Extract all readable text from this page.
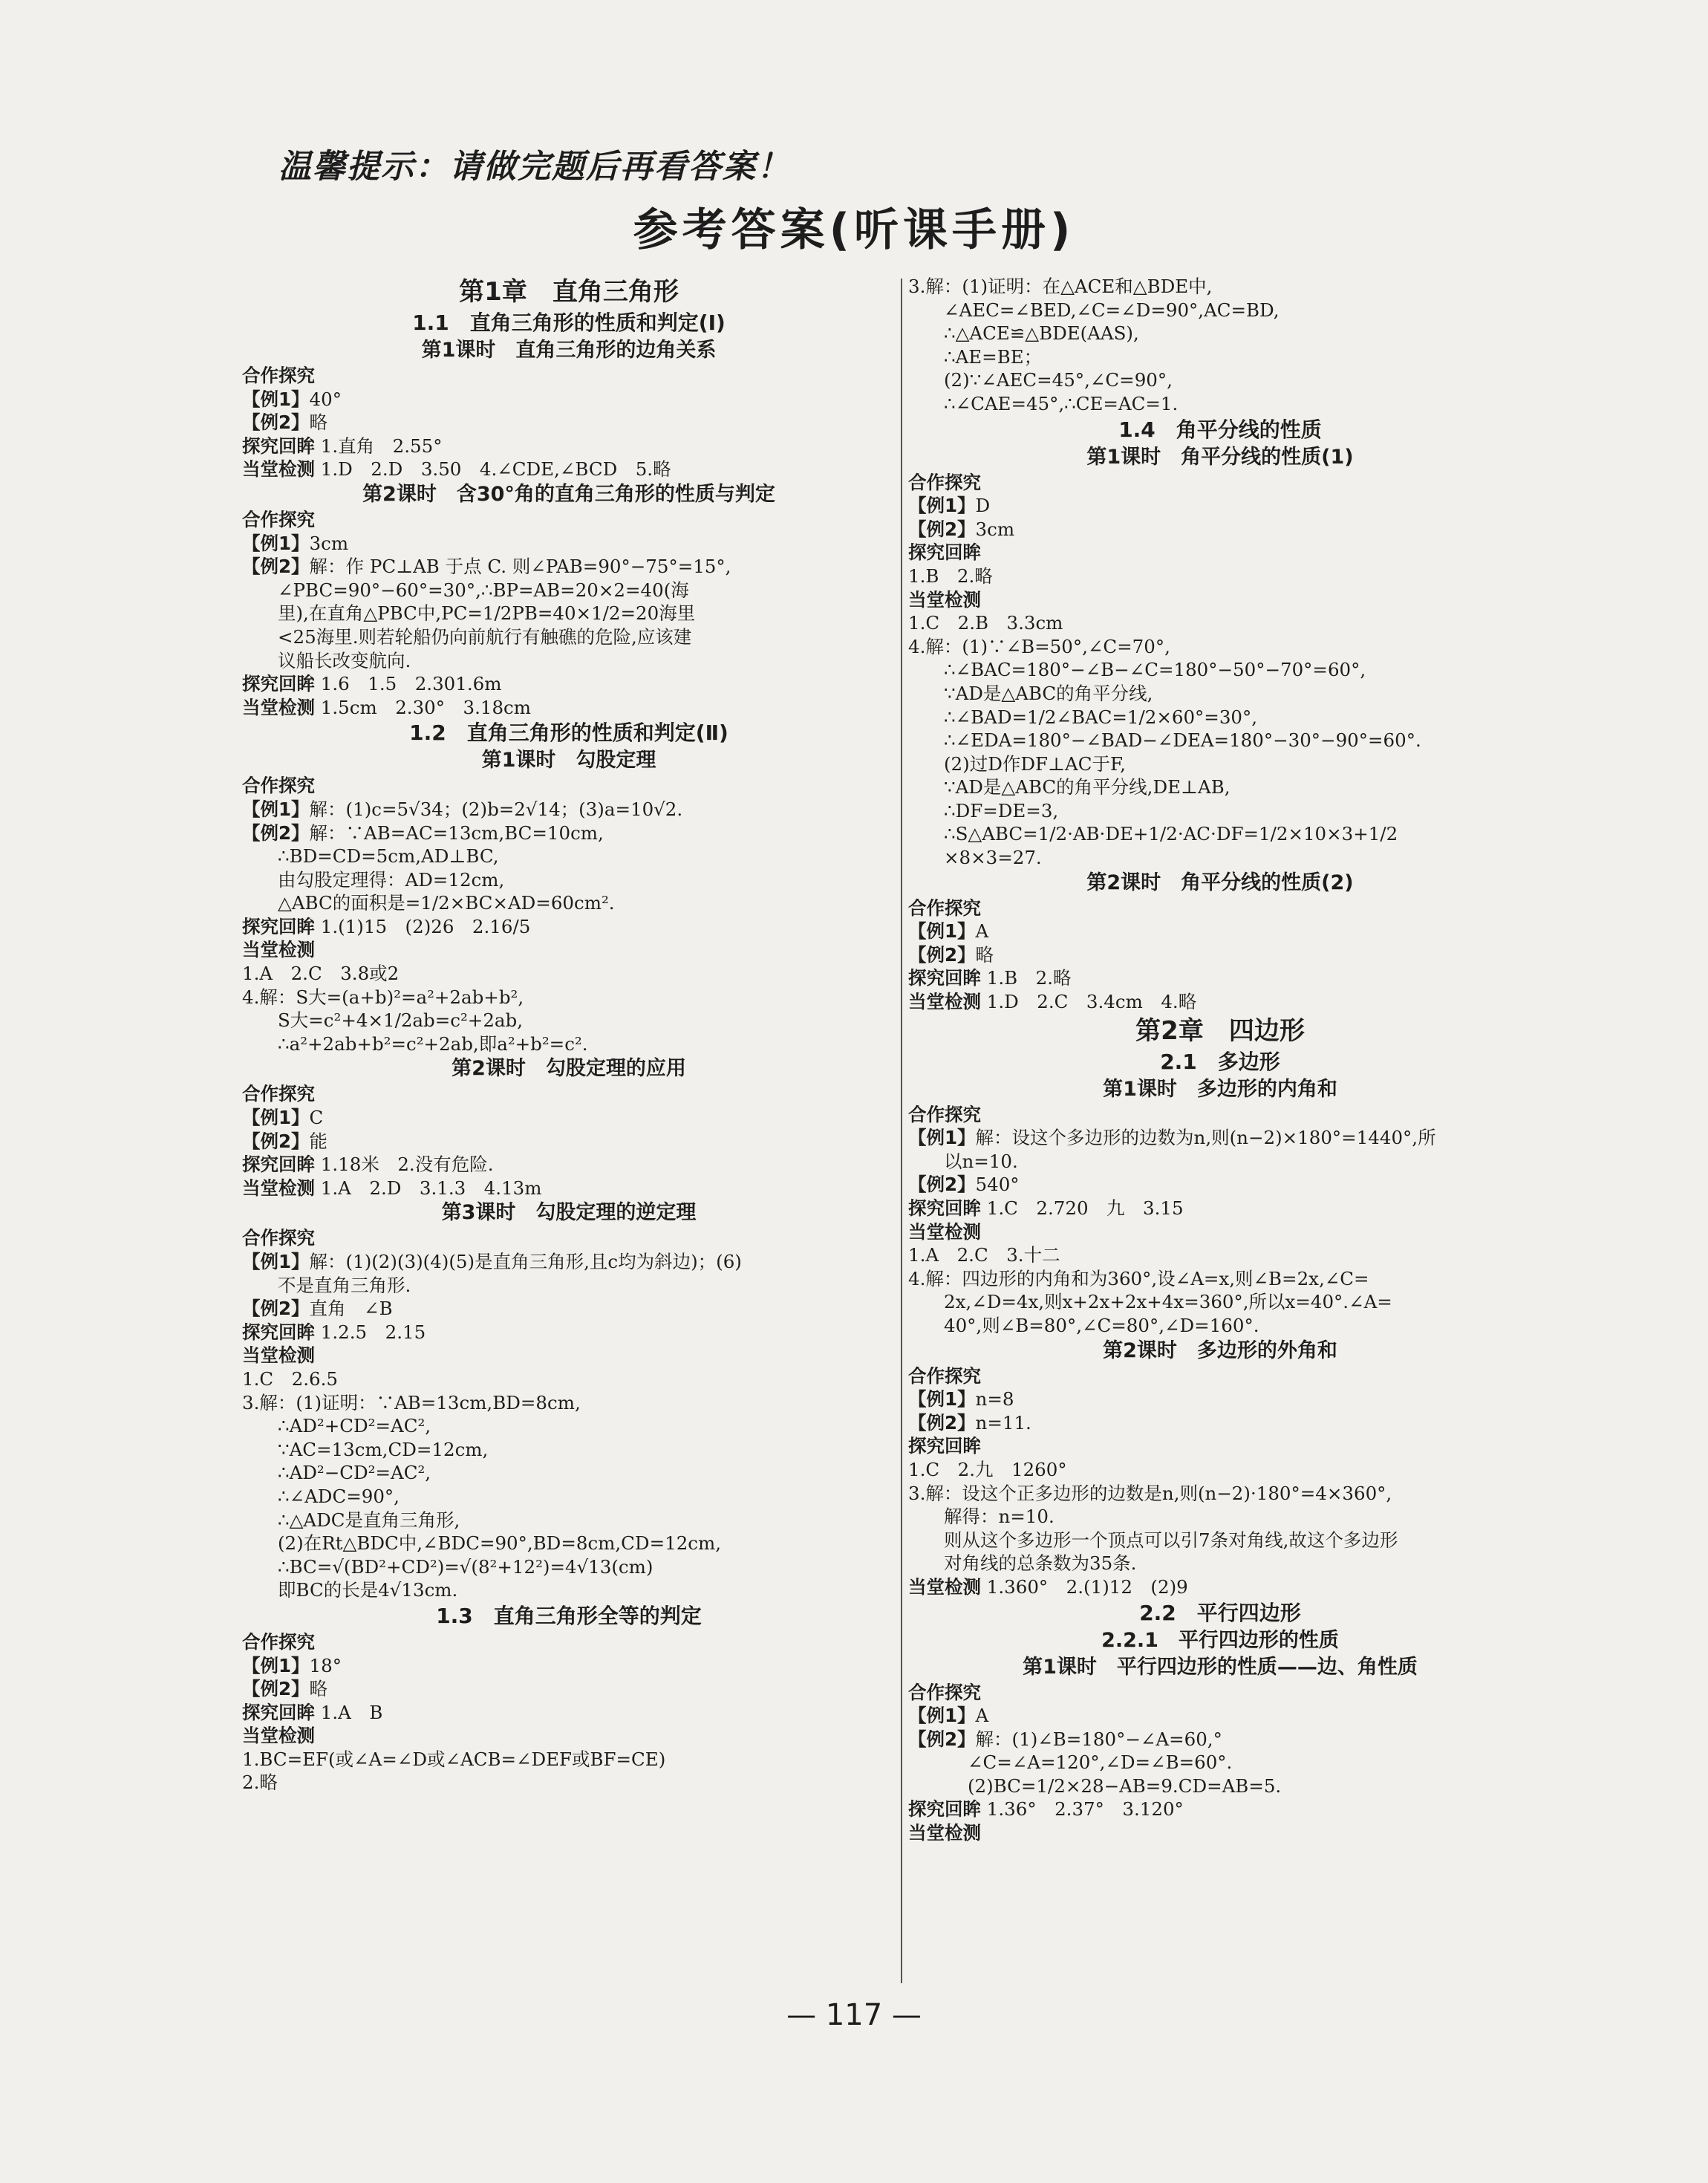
温馨提示：请做完题后再看答案！

参考答案(听课手册)
第1章　直角三角形
1.1　直角三角形的性质和判定(Ⅰ)
第1课时　直角三角形的边角关系
合作探究
【例1】40°
【例2】略
探究回眸 1.直角　2.55°
当堂检测 1.D　2.D　3.50　4.∠CDE,∠BCD　5.略
第2课时　含30°角的直角三角形的性质与判定
合作探究
【例1】3cm
【例2】解：作 PC⊥AB 于点 C. 则∠PAB=90°−75°=15°,
∠PBC=90°−60°=30°,∴BP=AB=20×2=40(海
里),在直角△PBC中,PC=1/2PB=40×1/2=20海里
<25海里.则若轮船仍向前航行有触礁的危险,应该建
议船长改变航向.
探究回眸 1.6　1.5　2.301.6m
当堂检测 1.5cm　2.30°　3.18cm
1.2　直角三角形的性质和判定(Ⅱ)
第1课时　勾股定理
合作探究
【例1】解：(1)c=5√34；(2)b=2√14；(3)a=10√2.
【例2】解：∵AB=AC=13cm,BC=10cm,
∴BD=CD=5cm,AD⊥BC,
由勾股定理得：AD=12cm,
△ABC的面积是=1/2×BC×AD=60cm².
探究回眸 1.(1)15　(2)26　2.16/5
当堂检测
1.A　2.C　3.8或2
4.解：S大=(a+b)²=a²+2ab+b²,
S大=c²+4×1/2ab=c²+2ab,
∴a²+2ab+b²=c²+2ab,即a²+b²=c².
第2课时　勾股定理的应用
合作探究
【例1】C
【例2】能
探究回眸 1.18米　2.没有危险.
当堂检测 1.A　2.D　3.1.3　4.13m
第3课时　勾股定理的逆定理
合作探究
【例1】解：(1)(2)(3)(4)(5)是直角三角形,且c均为斜边)；(6)
不是直角三角形.
【例2】直角　∠B
探究回眸 1.2.5　2.15
当堂检测
1.C　2.6.5
3.解：(1)证明：∵AB=13cm,BD=8cm,
∴AD²+CD²=AC²,
∵AC=13cm,CD=12cm,
∴AD²−CD²=AC²,
∴∠ADC=90°,
∴△ADC是直角三角形,
(2)在Rt△BDC中,∠BDC=90°,BD=8cm,CD=12cm,
∴BC=√(BD²+CD²)=√(8²+12²)=4√13(cm)
即BC的长是4√13cm.
1.3　直角三角形全等的判定
合作探究
【例1】18°
【例2】略
探究回眸 1.A　B
当堂检测
1.BC=EF(或∠A=∠D或∠ACB=∠DEF或BF=CE)
2.略
3.解：(1)证明：在△ACE和△BDE中,
∠AEC=∠BED,∠C=∠D=90°,AC=BD,
∴△ACE≌△BDE(AAS),
∴AE=BE；
(2)∵∠AEC=45°,∠C=90°,
∴∠CAE=45°,∴CE=AC=1.
1.4　角平分线的性质
第1课时　角平分线的性质(1)
合作探究
【例1】D
【例2】3cm
探究回眸
1.B　2.略
当堂检测
1.C　2.B　3.3cm
4.解：(1)∵∠B=50°,∠C=70°,
∴∠BAC=180°−∠B−∠C=180°−50°−70°=60°,
∵AD是△ABC的角平分线,
∴∠BAD=1/2∠BAC=1/2×60°=30°,
∴∠EDA=180°−∠BAD−∠DEA=180°−30°−90°=60°.
(2)过D作DF⊥AC于F,
∵AD是△ABC的角平分线,DE⊥AB,
∴DF=DE=3,
∴S△ABC=1/2·AB·DE+1/2·AC·DF=1/2×10×3+1/2
×8×3=27.
第2课时　角平分线的性质(2)
合作探究
【例1】A
【例2】略
探究回眸 1.B　2.略
当堂检测 1.D　2.C　3.4cm　4.略
第2章　四边形
2.1　多边形
第1课时　多边形的内角和
合作探究
【例1】解：设这个多边形的边数为n,则(n−2)×180°=1440°,所
以n=10.
【例2】540°
探究回眸 1.C　2.720　九　3.15
当堂检测
1.A　2.C　3.十二
4.解：四边形的内角和为360°,设∠A=x,则∠B=2x,∠C=
2x,∠D=4x,则x+2x+2x+4x=360°,所以x=40°.∠A=
40°,则∠B=80°,∠C=80°,∠D=160°.
第2课时　多边形的外角和
合作探究
【例1】n=8
【例2】n=11.
探究回眸
1.C　2.九　1260°
3.解：设这个正多边形的边数是n,则(n−2)·180°=4×360°,
解得：n=10.
则从这个多边形一个顶点可以引7条对角线,故这个多边形
对角线的总条数为35条.
当堂检测 1.360°　2.(1)12　(2)9
2.2　平行四边形
2.2.1　平行四边形的性质
第1课时　平行四边形的性质——边、角性质
合作探究
【例1】A
【例2】解：(1)∠B=180°−∠A=60,°
∠C=∠A=120°,∠D=∠B=60°.
(2)BC=1/2×28−AB=9.CD=AB=5.
探究回眸 1.36°　2.37°　3.120°
当堂检测
— 117 —
